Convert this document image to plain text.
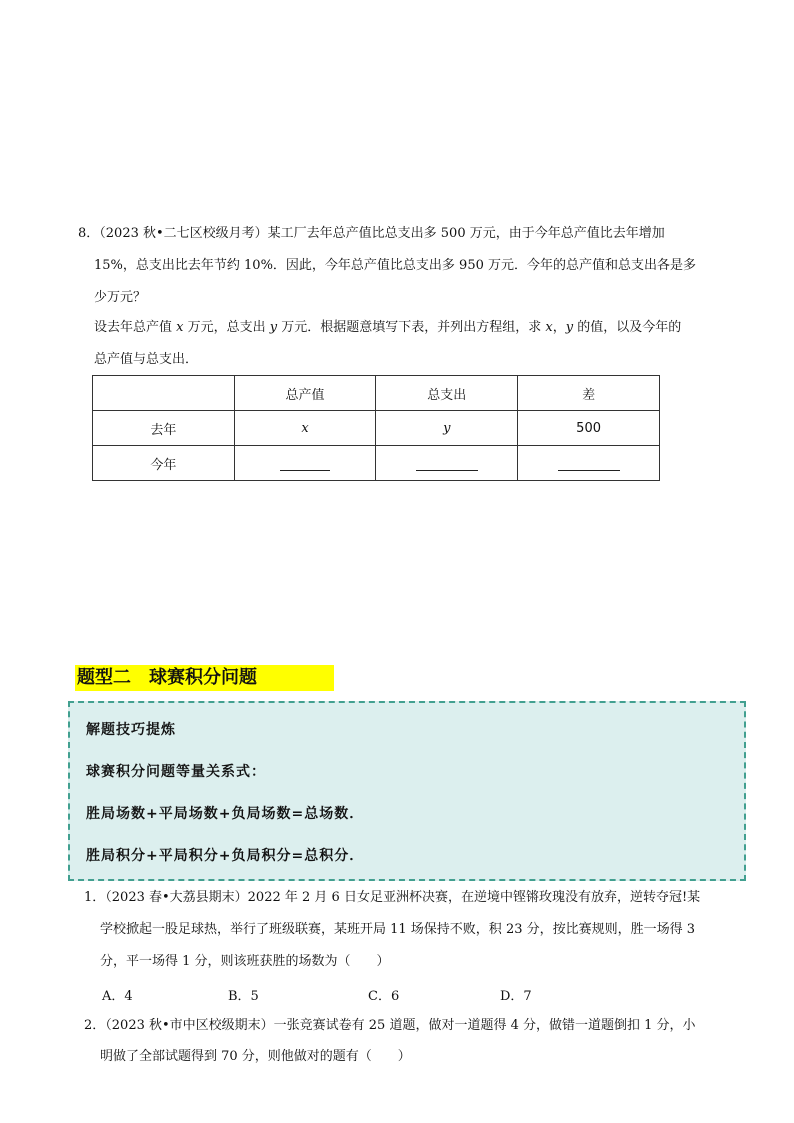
8．（2023 秋•二七区校级月考）某工厂去年总产值比总支出多 500 万元，由于今年总产值比去年增加
15%，总支出比去年节约 10%．因此，今年总产值比总支出多 950 万元．今年的总产值和总支出各是多
少万元？
设去年总产值 x 万元，总支出 y 万元．根据题意填写下表，并列出方程组，求 x，y 的值，以及今年的
总产值与总支出．
	总产值	总支出	差
去年	x	y	500
今年			
题型二　球赛积分问题
解题技巧提炼
球赛积分问题等量关系式：
胜局场数+平局场数+负局场数=总场数．
胜局积分+平局积分+负局积分=总积分．
1．（2023 春•大荔县期末）2022 年 2 月 6 日女足亚洲杯决赛，在逆境中铿锵玫瑰没有放弃，逆转夺冠!某
学校掀起一股足球热，举行了班级联赛，某班开局 11 场保持不败，积 23 分，按比赛规则，胜一场得 3
分，平一场得 1 分，则该班获胜的场数为（　　）
A．4	B．5	C．6	D．7
2．（2023 秋•市中区校级期末）一张竞赛试卷有 25 道题，做对一道题得 4 分，做错一道题倒扣 1 分，小
明做了全部试题得到 70 分，则他做对的题有（　　）
